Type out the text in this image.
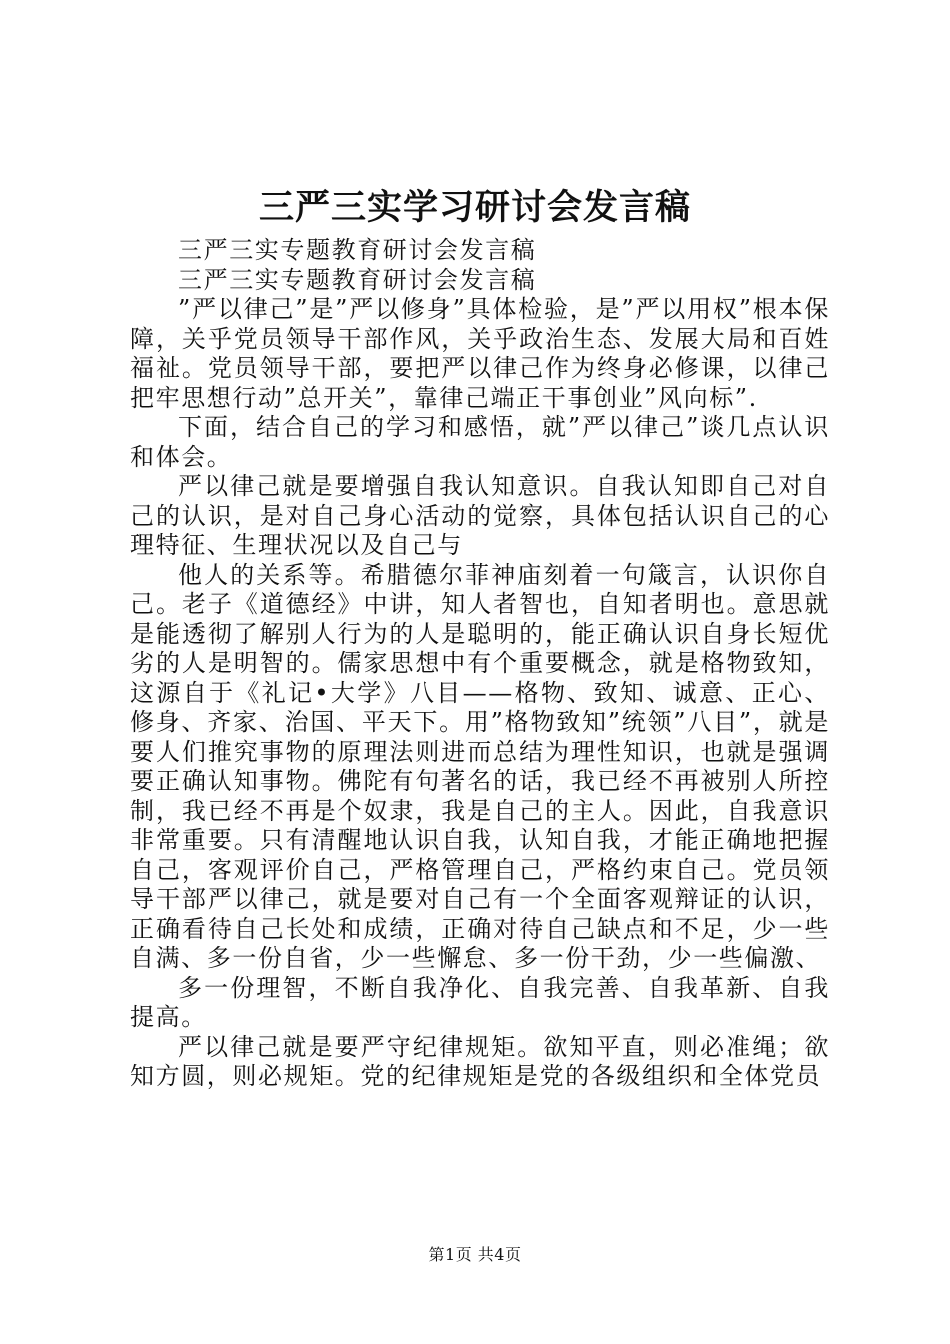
三严三实学习研讨会发言稿

三严三实专题教育研讨会发言稿

三严三实专题教育研讨会发言稿

”严以律己”是”严以修身”具体检验，是”严以用权”根本保障，关乎党员领导干部作风，关乎政治生态、发展大局和百姓福祉。党员领导干部，要把严以律己作为终身必修课，以律己把牢思想行动”总开关”，靠律己端正干事创业”风向标”.

下面，结合自己的学习和感悟，就”严以律己”谈几点认识和体会。

严以律己就是要增强自我认知意识。自我认知即自己对自己的认识，是对自己身心活动的觉察，具体包括认识自己的心理特征、生理状况以及自己与

他人的关系等。希腊德尔菲神庙刻着一句箴言，认识你自己。老子《道德经》中讲，知人者智也，自知者明也。意思就是能透彻了解别人行为的人是聪明的，能正确认识自身长短优劣的人是明智的。儒家思想中有个重要概念，就是格物致知，这源自于《礼记•大学》八目——格物、致知、诚意、正心、修身、齐家、治国、平天下。用”格物致知”统领”八目”，就是要人们推究事物的原理法则进而总结为理性知识，也就是强调要正确认知事物。佛陀有句著名的话，我已经不再被别人所控制，我已经不再是个奴隶，我是自己的主人。因此，自我意识非常重要。只有清醒地认识自我，认知自我，才能正确地把握自己，客观评价自己，严格管理自己，严格约束自己。党员领导干部严以律己，就是要对自己有一个全面客观辩证的认识，正确看待自己长处和成绩，正确对待自己缺点和不足，少一些自满、多一份自省，少一些懈怠、多一份干劲，少一些偏激、

多一份理智，不断自我净化、自我完善、自我革新、自我提高。

严以律己就是要严守纪律规矩。欲知平直，则必准绳；欲知方圆，则必规矩。党的纪律规矩是党的各级组织和全体党员

第1页 共4页
